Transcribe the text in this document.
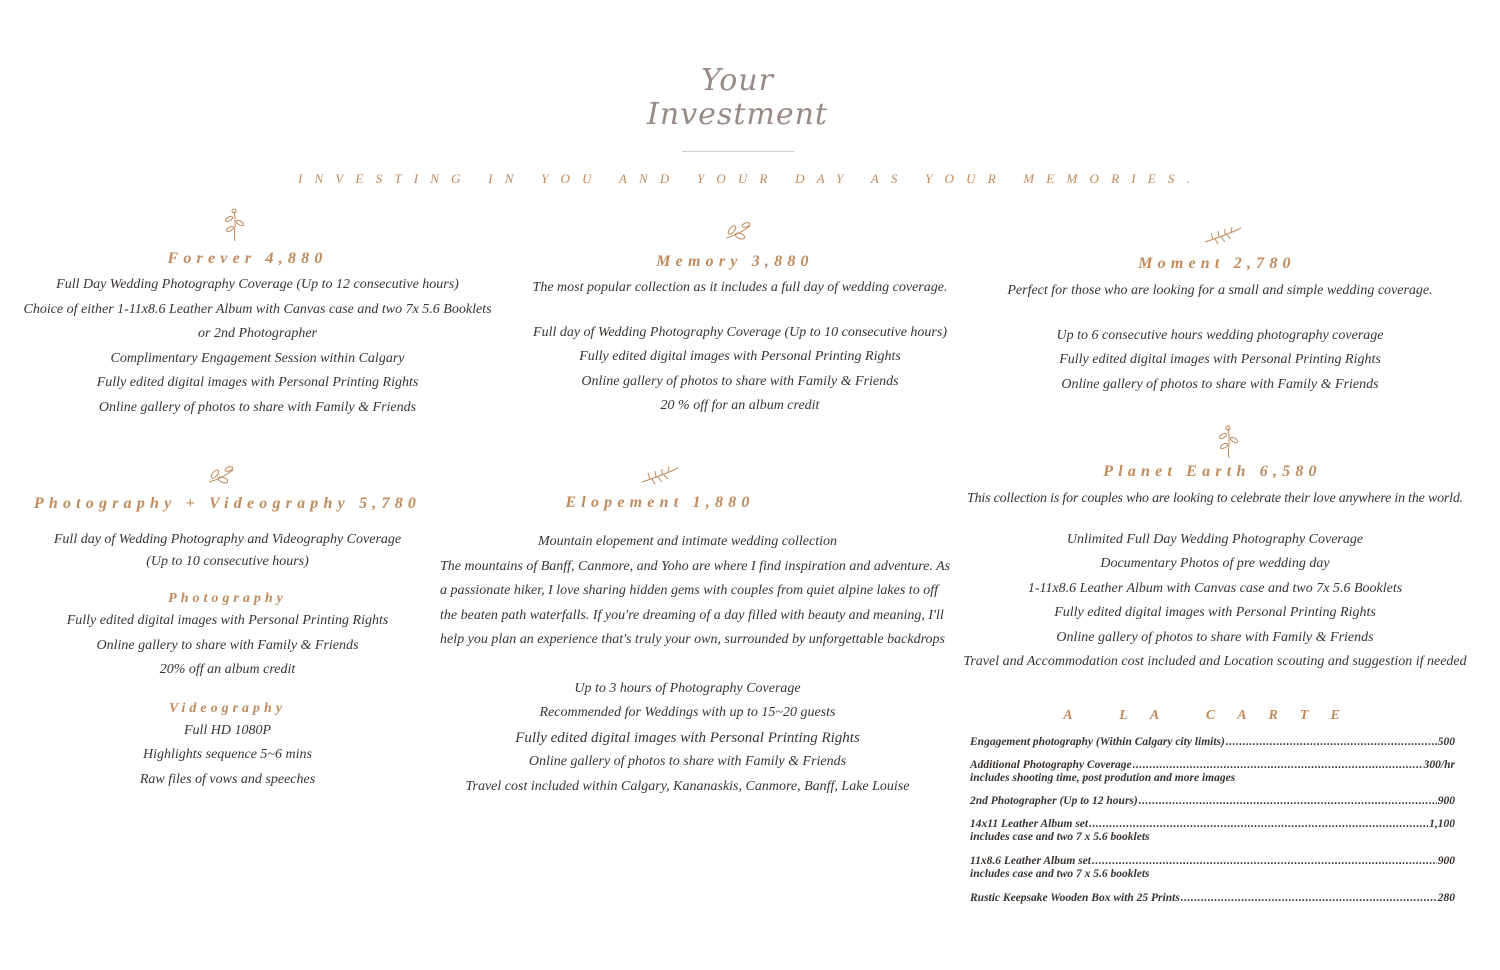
Your
Investment
INVESTING IN YOU AND YOUR DAY AS YOUR MEMORIES.
Forever 4,880
Full Day Wedding Photography Coverage (Up to 12 consecutive hours)
Choice of either 1-11x8.6 Leather Album with Canvas case and two 7x 5.6 Booklets
or 2nd Photographer
Complimentary Engagement Session within Calgary
Fully edited digital images with Personal Printing Rights
Online gallery of photos to share with Family & Friends
Memory 3,880
The most popular collection as it includes a full day of wedding coverage.
Full day of Wedding Photography Coverage (Up to 10 consecutive hours)
Fully edited digital images with Personal Printing Rights
Online gallery of photos to share with Family & Friends
20 % off for an album credit
Moment 2,780
Perfect for those who are looking for a small and simple wedding coverage.
Up to 6 consecutive hours wedding photography coverage
Fully edited digital images with Personal Printing Rights
Online gallery of photos to share with Family & Friends
Photography + Videography 5,780
Full day of Wedding Photography and Videography Coverage
(Up to 10 consecutive hours)
Photography
Fully edited digital images with Personal Printing Rights
Online gallery to share with Family & Friends
20% off an album credit
Videography
Full HD 1080P
Highlights sequence 5~6 mins
Raw files of vows and speeches
Elopement 1,880
Mountain elopement and intimate wedding collection
The mountains of Banff, Canmore, and Yoho are where I find inspiration and adventure. As
a passionate hiker, I love sharing hidden gems with couples from quiet alpine lakes to off
the beaten path waterfalls. If you're dreaming of a day filled with beauty and meaning, I'll
help you plan an experience that's truly your own, surrounded by unforgettable backdrops
Up to 3 hours of Photography Coverage
Recommended for Weddings with up to 15~20 guests
Fully edited digital images with Personal Printing Rights
Online gallery of photos to share with Family & Friends
Travel cost included within Calgary, Kananaskis, Canmore, Banff, Lake Louise
Planet Earth 6,580
This collection is for couples who are looking to celebrate their love anywhere in the world.
Unlimited Full Day Wedding Photography Coverage
Documentary Photos of pre wedding day
1-11x8.6 Leather Album with Canvas case and two 7x 5.6 Booklets
Fully edited digital images with Personal Printing Rights
Online gallery of photos to share with Family & Friends
Travel and Accommodation cost included and Location scouting and suggestion if needed
A LA CARTE
Engagement photography (Within Calgary city limits) .....	500
Additional Photography Coverage .....	300/hr
includes shooting time, post prodution and more images
2nd Photographer (Up to 12 hours) .....	900
14x11 Leather Album set .....	1,100
includes case and two 7 x 5.6 booklets
11x8.6 Leather Album set .....	900
includes case and two 7 x 5.6 booklets
Rustic Keepsake Wooden Box with 25 Prints .....	280
